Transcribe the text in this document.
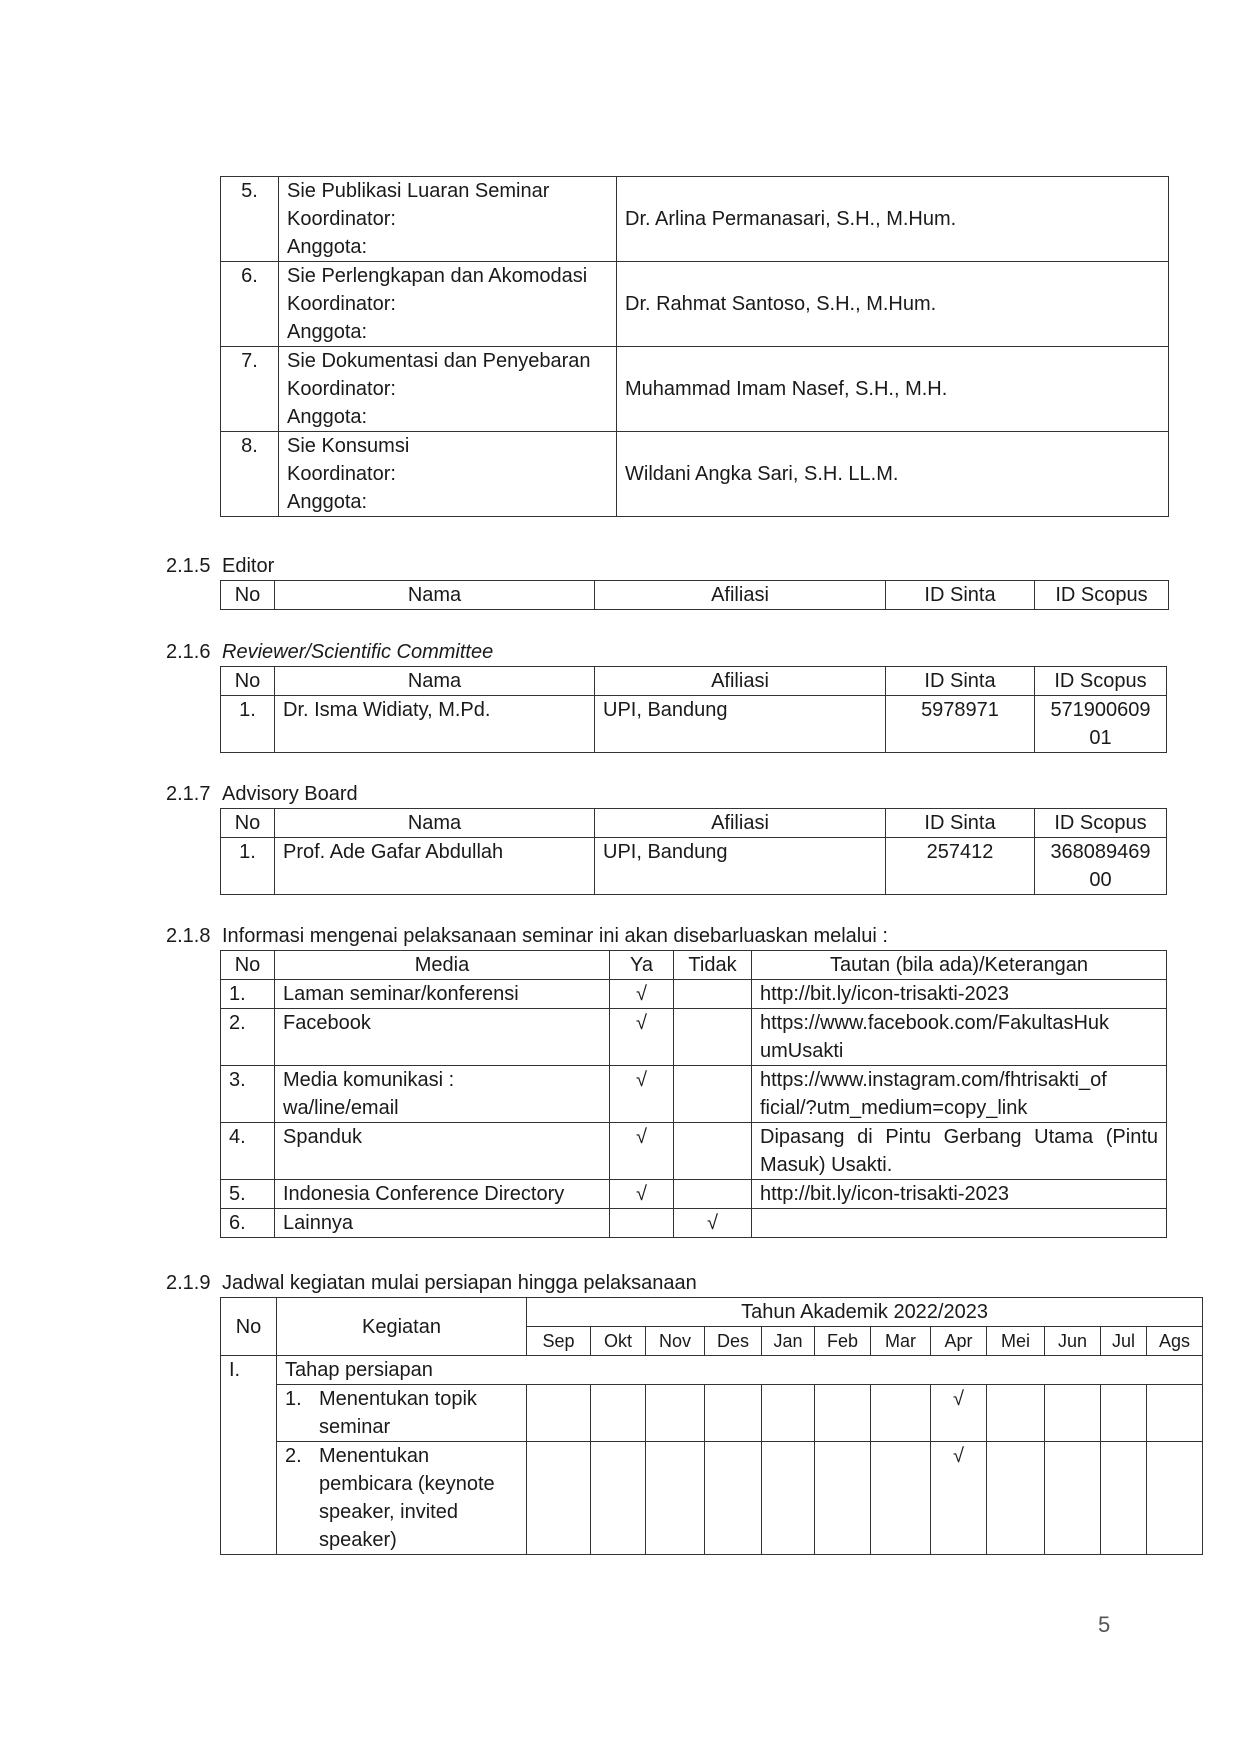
5.	Sie Publikasi Luaran Seminar
Koordinator:
Anggota:	Dr. Arlina Permanasari, S.H., M.Hum.
6.	Sie Perlengkapan dan Akomodasi
Koordinator:
Anggota:	Dr. Rahmat Santoso, S.H., M.Hum.
7.	Sie Dokumentasi dan Penyebaran
Koordinator:
Anggota:	Muhammad Imam Nasef, S.H., M.H.
8.	Sie Konsumsi
Koordinator:
Anggota:	Wildani Angka Sari, S.H. LL.M.
2.1.5 Editor
No	Nama	Afiliasi	ID Sinta	ID Scopus
2.1.6 Reviewer/Scientific Committee
No	Nama	Afiliasi	ID Sinta	ID Scopus
1.	Dr. Isma Widiaty, M.Pd.	UPI, Bandung	5978971	571900609
01
2.1.7 Advisory Board
No	Nama	Afiliasi	ID Sinta	ID Scopus
1.	Prof. Ade Gafar Abdullah	UPI, Bandung	257412	368089469
00
2.1.8 Informasi mengenai pelaksanaan seminar ini akan disebarluaskan melalui :
No	Media	Ya	Tidak	Tautan (bila ada)/Keterangan
1.	Laman seminar/konferensi	√		http://bit.ly/icon-trisakti-2023
2.	Facebook	√		https://www.facebook.com/FakultasHuk
umUsakti
3.	Media komunikasi :
wa/line/email	√		https://www.instagram.com/fhtrisakti_of
ficial/?utm_medium=copy_link
4.	Spanduk	√		Dipasang di Pintu Gerbang Utama (Pintu Masuk) Usakti.
5.	Indonesia Conference Directory	√		http://bit.ly/icon-trisakti-2023
6.	Lainnya		√	
2.1.9 Jadwal kegiatan mulai persiapan hingga pelaksanaan
No	Kegiatan	Tahun Akademik 2022/2023											
		Sep	Okt	Nov	Des	Jan	Feb	Mar	Apr	Mei	Jun	Jul	Ags
I.	Tahap persiapan												

	1. Menentukan topik seminar								√				

	2. Menentukan pembicara (keynote speaker, invited speaker)								√				
5
